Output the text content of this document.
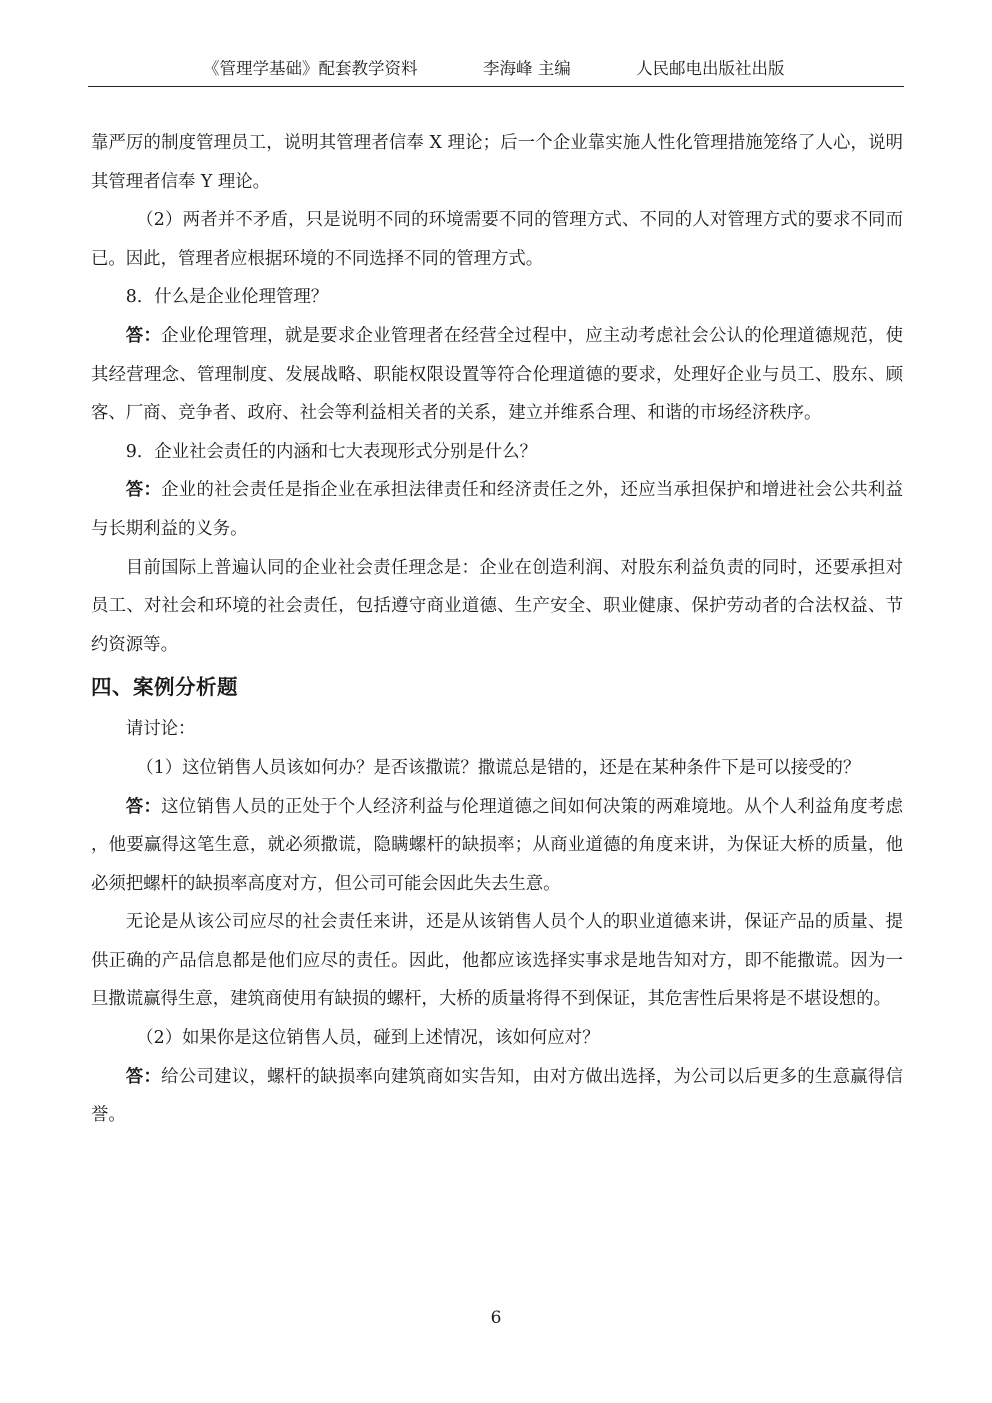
《管理学基础》配套教学资料	李海峰 主编	人民邮电出版社出版

靠严厉的制度管理员工，说明其管理者信奉 X 理论；后一个企业靠实施人性化管理措施笼络了人心，说明其管理者信奉 Y 理论。

（2）两者并不矛盾，只是说明不同的环境需要不同的管理方式、不同的人对管理方式的要求不同而已。因此，管理者应根据环境的不同选择不同的管理方式。

8．什么是企业伦理管理？

答：企业伦理管理，就是要求企业管理者在经营全过程中，应主动考虑社会公认的伦理道德规范，使其经营理念、管理制度、发展战略、职能权限设置等符合伦理道德的要求，处理好企业与员工、股东、顾客、厂商、竞争者、政府、社会等利益相关者的关系，建立并维系合理、和谐的市场经济秩序。

9．企业社会责任的内涵和七大表现形式分别是什么？

答：企业的社会责任是指企业在承担法律责任和经济责任之外，还应当承担保护和增进社会公共利益与长期利益的义务。

目前国际上普遍认同的企业社会责任理念是：企业在创造利润、对股东利益负责的同时，还要承担对员工、对社会和环境的社会责任，包括遵守商业道德、生产安全、职业健康、保护劳动者的合法权益、节约资源等。

四、案例分析题

请讨论：

（1）这位销售人员该如何办？是否该撒谎？撒谎总是错的，还是在某种条件下是可以接受的？

答：这位销售人员的正处于个人经济利益与伦理道德之间如何决策的两难境地。从个人利益角度考虑，他要赢得这笔生意，就必须撒谎，隐瞒螺杆的缺损率；从商业道德的角度来讲，为保证大桥的质量，他必须把螺杆的缺损率高度对方，但公司可能会因此失去生意。

无论是从该公司应尽的社会责任来讲，还是从该销售人员个人的职业道德来讲，保证产品的质量、提供正确的产品信息都是他们应尽的责任。因此，他都应该选择实事求是地告知对方，即不能撒谎。因为一旦撒谎赢得生意，建筑商使用有缺损的螺杆，大桥的质量将得不到保证，其危害性后果将是不堪设想的。

（2）如果你是这位销售人员，碰到上述情况，该如何应对？

答：给公司建议，螺杆的缺损率向建筑商如实告知，由对方做出选择，为公司以后更多的生意赢得信誉。

6
